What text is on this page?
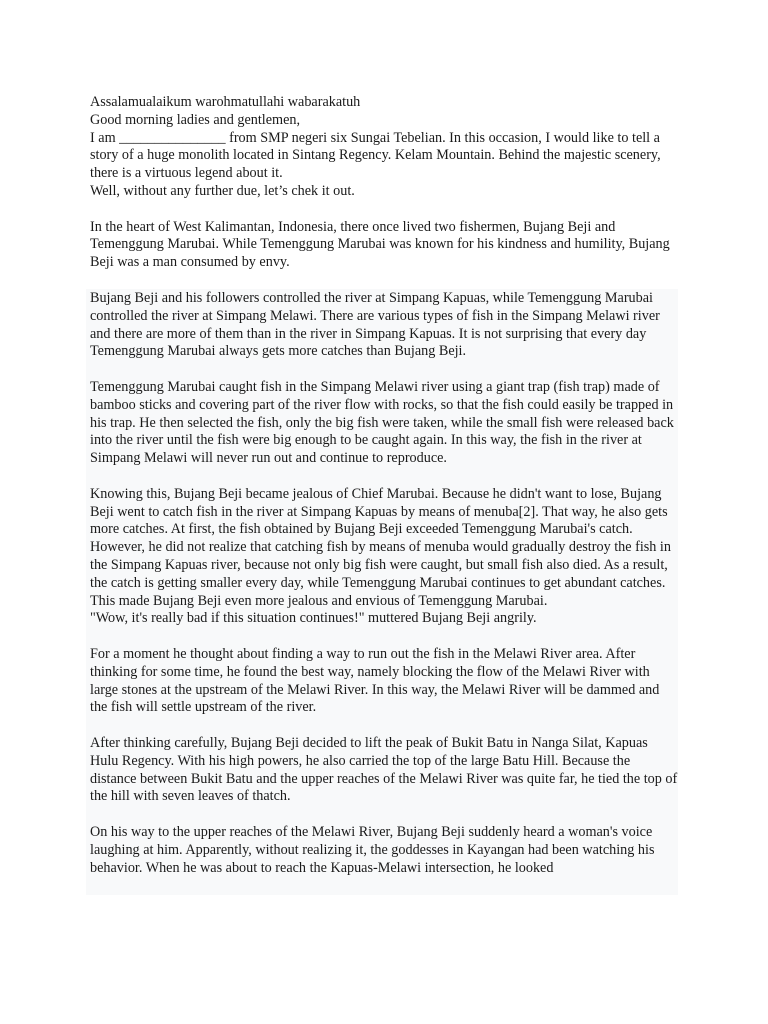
Assalamualaikum warohmatullahi wabarakatuh

Good morning ladies and gentlemen,

I am _______________ from SMP negeri six Sungai Tebelian. In this occasion, I would like to tell a story of a huge monolith located in Sintang Regency. Kelam Mountain. Behind the majestic scenery, there is a virtuous legend about it.

Well, without any further due, let’s chek it out.

In the heart of West Kalimantan, Indonesia, there once lived two fishermen, Bujang Beji and Temenggung Marubai. While Temenggung Marubai was known for his kindness and humility, Bujang Beji was a man consumed by envy.

Bujang Beji and his followers controlled the river at Simpang Kapuas, while Temenggung Marubai controlled the river at Simpang Melawi. There are various types of fish in the Simpang Melawi river and there are more of them than in the river in Simpang Kapuas. It is not surprising that every day Temenggung Marubai always gets more catches than Bujang Beji.

Temenggung Marubai caught fish in the Simpang Melawi river using a giant trap (fish trap) made of bamboo sticks and covering part of the river flow with rocks, so that the fish could easily be trapped in his trap. He then selected the fish, only the big fish were taken, while the small fish were released back into the river until the fish were big enough to be caught again. In this way, the fish in the river at Simpang Melawi will never run out and continue to reproduce.

Knowing this, Bujang Beji became jealous of Chief Marubai. Because he didn't want to lose, Bujang Beji went to catch fish in the river at Simpang Kapuas by means of menuba[2]. That way, he also gets more catches. At first, the fish obtained by Bujang Beji exceeded Temenggung Marubai's catch. However, he did not realize that catching fish by means of menuba would gradually destroy the fish in the Simpang Kapuas river, because not only big fish were caught, but small fish also died. As a result, the catch is getting smaller every day, while Temenggung Marubai continues to get abundant catches. This made Bujang Beji even more jealous and envious of Temenggung Marubai.

"Wow, it's really bad if this situation continues!" muttered Bujang Beji angrily.

For a moment he thought about finding a way to run out the fish in the Melawi River area. After thinking for some time, he found the best way, namely blocking the flow of the Melawi River with large stones at the upstream of the Melawi River. In this way, the Melawi River will be dammed and the fish will settle upstream of the river.

After thinking carefully, Bujang Beji decided to lift the peak of Bukit Batu in Nanga Silat, Kapuas Hulu Regency. With his high powers, he also carried the top of the large Batu Hill. Because the distance between Bukit Batu and the upper reaches of the Melawi River was quite far, he tied the top of the hill with seven leaves of thatch.

On his way to the upper reaches of the Melawi River, Bujang Beji suddenly heard a woman's voice laughing at him. Apparently, without realizing it, the goddesses in Kayangan had been watching his behavior. When he was about to reach the Kapuas-Melawi intersection, he looked
